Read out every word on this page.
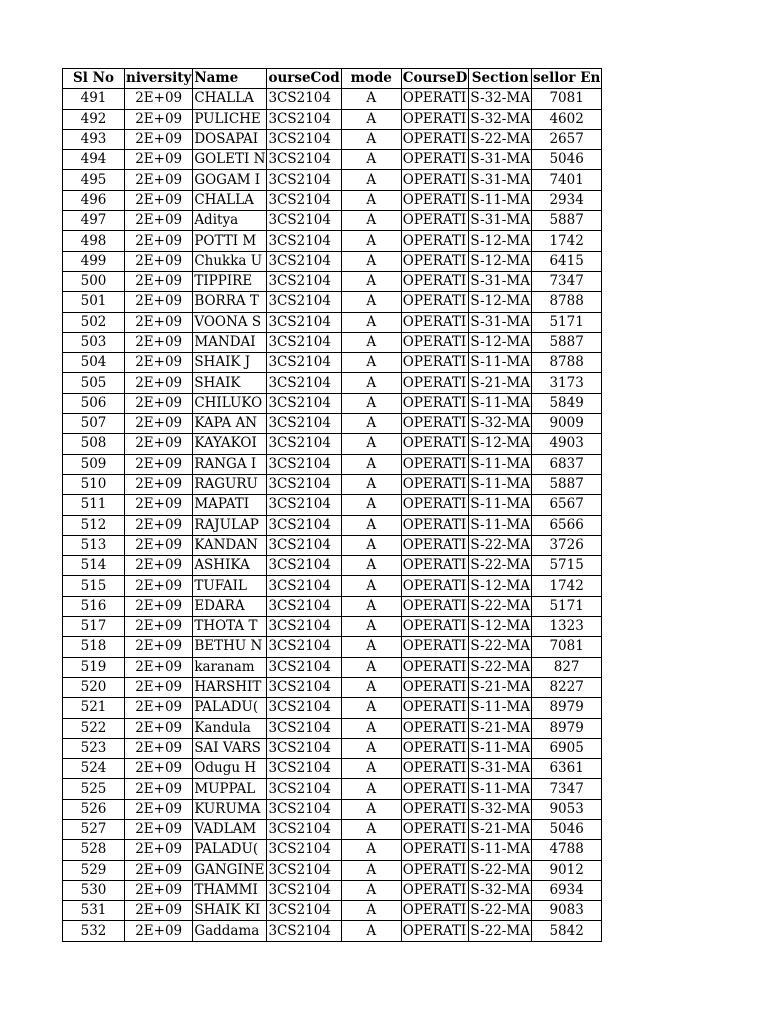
Sl No	niversity	Name	ourseCod	mode	CourseD	Section	sellor En
491	2E+09	CHALLA	3CS2104	A	OPERATI	S-32-MA	7081
492	2E+09	PULICHE	3CS2104	A	OPERATI	S-32-MA	4602
493	2E+09	DOSAPAI	3CS2104	A	OPERATI	S-22-MA	2657
494	2E+09	GOLETI N	3CS2104	A	OPERATI	S-31-MA	5046
495	2E+09	GOGAM I	3CS2104	A	OPERATI	S-31-MA	7401
496	2E+09	CHALLA	3CS2104	A	OPERATI	S-11-MA	2934
497	2E+09	Aditya	3CS2104	A	OPERATI	S-31-MA	5887
498	2E+09	POTTI M	3CS2104	A	OPERATI	S-12-MA	1742
499	2E+09	Chukka U	3CS2104	A	OPERATI	S-12-MA	6415
500	2E+09	TIPPIRE	3CS2104	A	OPERATI	S-31-MA	7347
501	2E+09	BORRA T	3CS2104	A	OPERATI	S-12-MA	8788
502	2E+09	VOONA S	3CS2104	A	OPERATI	S-31-MA	5171
503	2E+09	MANDAI	3CS2104	A	OPERATI	S-12-MA	5887
504	2E+09	SHAIK J	3CS2104	A	OPERATI	S-11-MA	8788
505	2E+09	SHAIK	3CS2104	A	OPERATI	S-21-MA	3173
506	2E+09	CHILUKO	3CS2104	A	OPERATI	S-11-MA	5849
507	2E+09	KAPA AN	3CS2104	A	OPERATI	S-32-MA	9009
508	2E+09	KAYAKOI	3CS2104	A	OPERATI	S-12-MA	4903
509	2E+09	RANGA I	3CS2104	A	OPERATI	S-11-MA	6837
510	2E+09	RAGURU	3CS2104	A	OPERATI	S-11-MA	5887
511	2E+09	MAPATI	3CS2104	A	OPERATI	S-11-MA	6567
512	2E+09	RAJULAP	3CS2104	A	OPERATI	S-11-MA	6566
513	2E+09	KANDAN	3CS2104	A	OPERATI	S-22-MA	3726
514	2E+09	ASHIKA	3CS2104	A	OPERATI	S-22-MA	5715
515	2E+09	TUFAIL	3CS2104	A	OPERATI	S-12-MA	1742
516	2E+09	EDARA	3CS2104	A	OPERATI	S-22-MA	5171
517	2E+09	THOTA T	3CS2104	A	OPERATI	S-12-MA	1323
518	2E+09	BETHU N	3CS2104	A	OPERATI	S-22-MA	7081
519	2E+09	karanam	3CS2104	A	OPERATI	S-22-MA	827
520	2E+09	HARSHIT	3CS2104	A	OPERATI	S-21-MA	8227
521	2E+09	PALADU(	3CS2104	A	OPERATI	S-11-MA	8979
522	2E+09	Kandula	3CS2104	A	OPERATI	S-21-MA	8979
523	2E+09	SAI VARS	3CS2104	A	OPERATI	S-11-MA	6905
524	2E+09	Odugu H	3CS2104	A	OPERATI	S-31-MA	6361
525	2E+09	MUPPAL	3CS2104	A	OPERATI	S-11-MA	7347
526	2E+09	KURUMA	3CS2104	A	OPERATI	S-32-MA	9053
527	2E+09	VADLAM	3CS2104	A	OPERATI	S-21-MA	5046
528	2E+09	PALADU(	3CS2104	A	OPERATI	S-11-MA	4788
529	2E+09	GANGINE	3CS2104	A	OPERATI	S-22-MA	9012
530	2E+09	THAMMI	3CS2104	A	OPERATI	S-32-MA	6934
531	2E+09	SHAIK KI	3CS2104	A	OPERATI	S-22-MA	9083
532	2E+09	Gaddama	3CS2104	A	OPERATI	S-22-MA	5842
